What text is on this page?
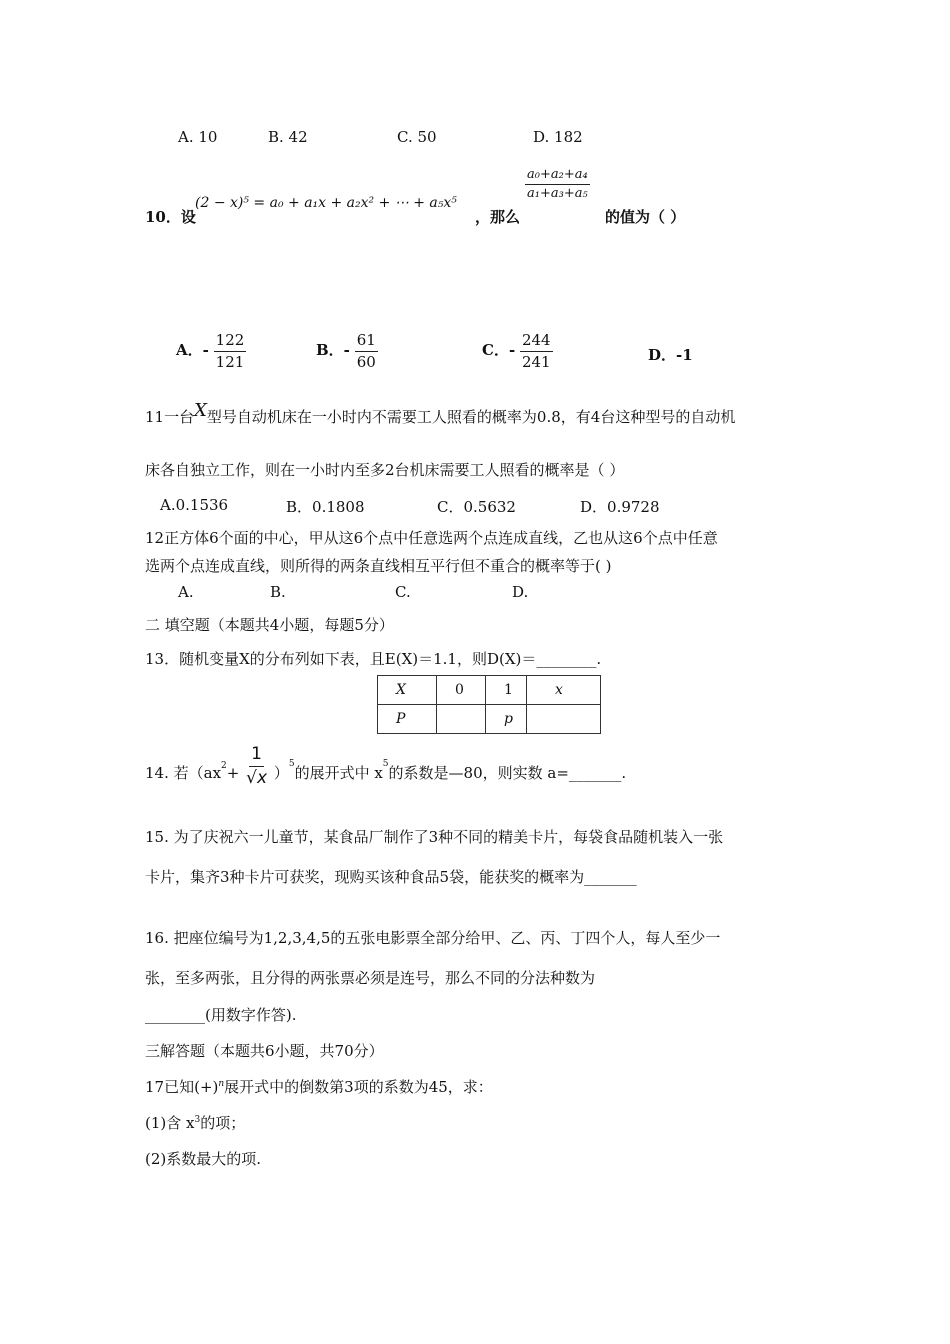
A. 10	B. 42	C. 50	D. 182
10．设
(2 − x)⁵ = a₀ + a₁x + a₂x² + ⋯ + a₅x⁵
，那么
$\frac{\text{a₀+a₂+a₄}}{\text{a₁+a₃+a₅}}$
的值为（ ）
A．- $\frac{122}{121}$	B．- $\frac{61}{60}$	C．- $\frac{244}{241}$	D．-1
11一台X型号自动机床在一小时内不需要工人照看的概率为0.8，有4台这种型号的自动机
床各自独立工作，则在一小时内至多2台机床需要工人照看的概率是（ ）
A.0.1536	B．0.1808	C．0.5632	D．0.9728
12正方体6个面的中心，甲从这6个点中任意选两个点连成直线，乙也从这6个点中任意
选两个点连成直线，则所得的两条直线相互平行但不重合的概率等于( )
A.	B.	C.	D.
二 填空题（本题共4小题，每题5分）
13．随机变量X的分布列如下表，且E(X)＝1.1，则D(X)＝________.
X	0	1	x
P		p	
14. 若$(ax^2+ \frac{1}{√x} )^5$的展开式中 $x^5$的系数是—80，则实数 a=_______.
15. 为了庆祝六一儿童节，某食品厂制作了3种不同的精美卡片，每袋食品随机装入一张
卡片，集齐3种卡片可获奖，现购买该种食品5袋，能获奖的概率为_______
16. 把座位编号为1,2,3,4,5的五张电影票全部分给甲、乙、丙、丁四个人，每人至少一
张，至多两张，且分得的两张票必须是连号，那么不同的分法种数为
________(用数字作答).
三解答题（本题共6小题，共70分）
17已知$(+)^n$展开式中的倒数第3项的系数为45，求：
(1)含 $x^3$的项；
(2)系数最大的项.
